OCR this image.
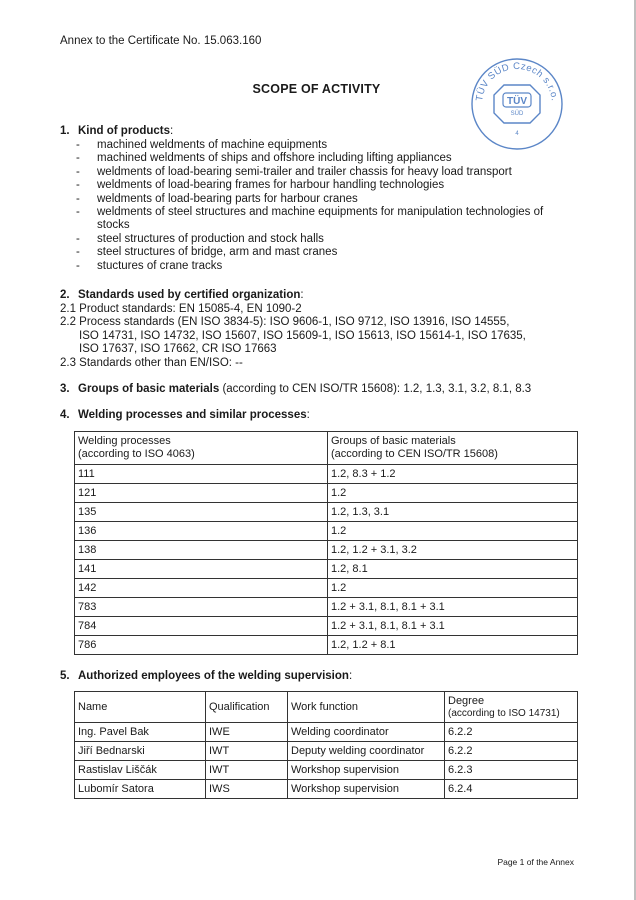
Annex to the Certificate No. 15.063.160
SCOPE OF ACTIVITY
TÜV SÜD Czech s.r.o.
TÜV
SÜD
4
1. Kind of products:
- machined weldments of machine equipments
- machined weldments of ships and offshore including lifting appliances
- weldments of load-bearing semi-trailer and trailer chassis for heavy load transport
- weldments of load-bearing frames for harbour handling technologies
- weldments of load-bearing parts for harbour cranes
- weldments of steel structures and machine equipments for manipulation technologies of stocks
- steel structures of production and stock halls
- steel structures of bridge, arm and mast cranes
- stuctures of crane tracks
2. Standards used by certified organization:
2.1 Product standards: EN 15085-4, EN 1090-2
2.2 Process standards (EN ISO 3834-5): ISO 9606-1, ISO 9712, ISO 13916, ISO 14555,
ISO 14731, ISO 14732, ISO 15607, ISO 15609-1, ISO 15613, ISO 15614-1, ISO 17635,
ISO 17637, ISO 17662, CR ISO 17663
2.3 Standards other than EN/ISO: --
3. Groups of basic materials (according to CEN ISO/TR 15608): 1.2, 1.3, 3.1, 3.2, 8.1, 8.3
4. Welding processes and similar processes:
Welding processes
(according to ISO 4063)	Groups of basic materials
(according to CEN ISO/TR 15608)
111	1.2, 8.3 + 1.2
121	1.2
135	1.2, 1.3, 3.1
136	1.2
138	1.2, 1.2 + 3.1, 3.2
141	1.2, 8.1
142	1.2
783	1.2 + 3.1, 8.1, 8.1 + 3.1
784	1.2 + 3.1, 8.1, 8.1 + 3.1
786	1.2, 1.2 + 8.1
5. Authorized employees of the welding supervision:
Name	Qualification	Work function	Degree
(according to ISO 14731)
Ing. Pavel Bak	IWE	Welding coordinator	6.2.2
Jiří Bednarski	IWT	Deputy welding coordinator	6.2.2
Rastislav Liščák	IWT	Workshop supervision	6.2.3
Lubomír Satora	IWS	Workshop supervision	6.2.4
Page 1 of the Annex
